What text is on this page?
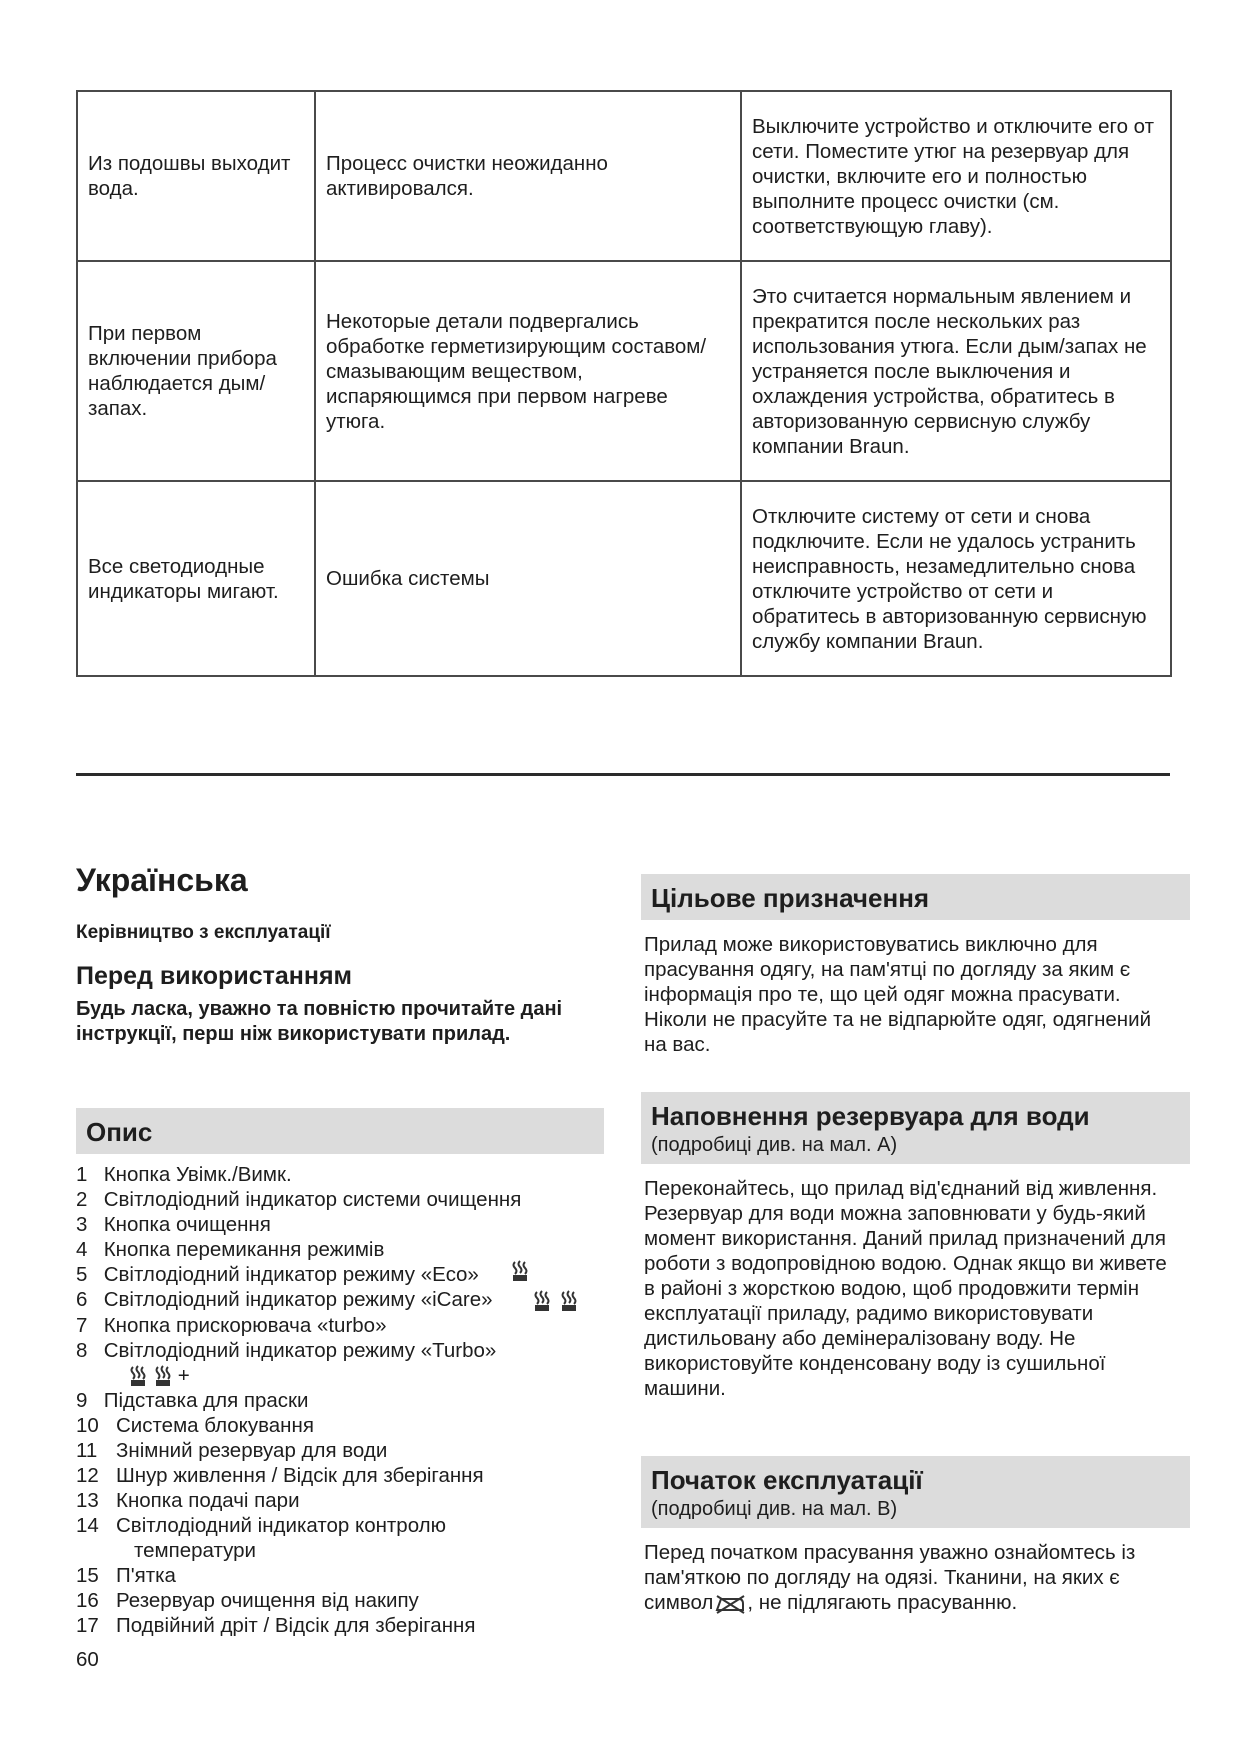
Из подошвы выходит вода.	Процесс очистки неожиданно активировался.	Выключите устройство и отключите его от сети. Поместите утюг на резервуар для очистки, включите его и полностью выполните процесс очистки (см. соответствующую главу).
При первом включении прибора наблюдается дым/запах.	Некоторые детали подвергались обработке герметизирующим составом/смазывающим веществом, испаряющимся при первом нагреве утюга.	Это считается нормальным явлением и прекратится после нескольких раз использования утюга. Если дым/запах не устраняется после выключения и охлаждения устройства, обратитесь в авторизованную сервисную службу компании Braun.
Все светодиодные индикаторы мигают.	Ошибка системы	Отключите систему от сети и снова подключите. Если не удалось устранить неисправность, незамедлительно снова отключите устройство от сети и обратитесь в авторизованную сервисную службу компании Braun.
Українська
Керівництво з експлуатації
Перед використанням
Будь ласка, уважно та повністю прочитайте дані інструкції, перш ніж використувати прилад.
Опис
1 Кнопка Увімк./Вимк.
2 Світлодіодний індикатор системи очищення
3 Кнопка очищення
4 Кнопка перемикання режимів
5 Світлодіодний індикатор режиму «Eco»
6 Світлодіодний індикатор режиму «iCare»
7 Кнопка прискорювача «turbo»
8 Світлодіодний індикатор режиму «Turbo»
+
9 Підставка для праски
10 Система блокування
11 Знімний резервуар для води
12 Шнур живлення / Відсік для зберігання
13 Кнопка подачі пари
14 Світлодіодний індикатор контролю
температури
15 П'ятка
16 Резервуар очищення від накипу
17 Подвійний дріт / Відсік для зберігання
Цільове призначення

Прилад може використовуватись виключно для прасування одягу, на пам'ятці по догляду за яким є інформація про те, що цей одяг можна прасувати. Ніколи не прасуйте та не відпарюйте одяг, одягнений на вас.

Наповнення резервуара для води
(подробиці див. на мал. A)

Переконайтесь, що прилад від'єднаний від живлення. Резервуар для води можна заповнювати у будь-який момент використання. Даний прилад призначений для роботи з водопровідною водою. Однак якщо ви живете в районі з жорсткою водою, щоб продовжити термін експлуатації приладу, радимо використовувати дистильовану або демінералізовану воду. Не використовуйте конденсовану воду із сушильної машини.

Початок експлуатації
(подробиці див. на мал. B)

Перед початком прасування уважно ознайомтесь із пам'яткою по догляду на одязі. Тканини, на яких є символ , не підлягають прасуванню.

60
